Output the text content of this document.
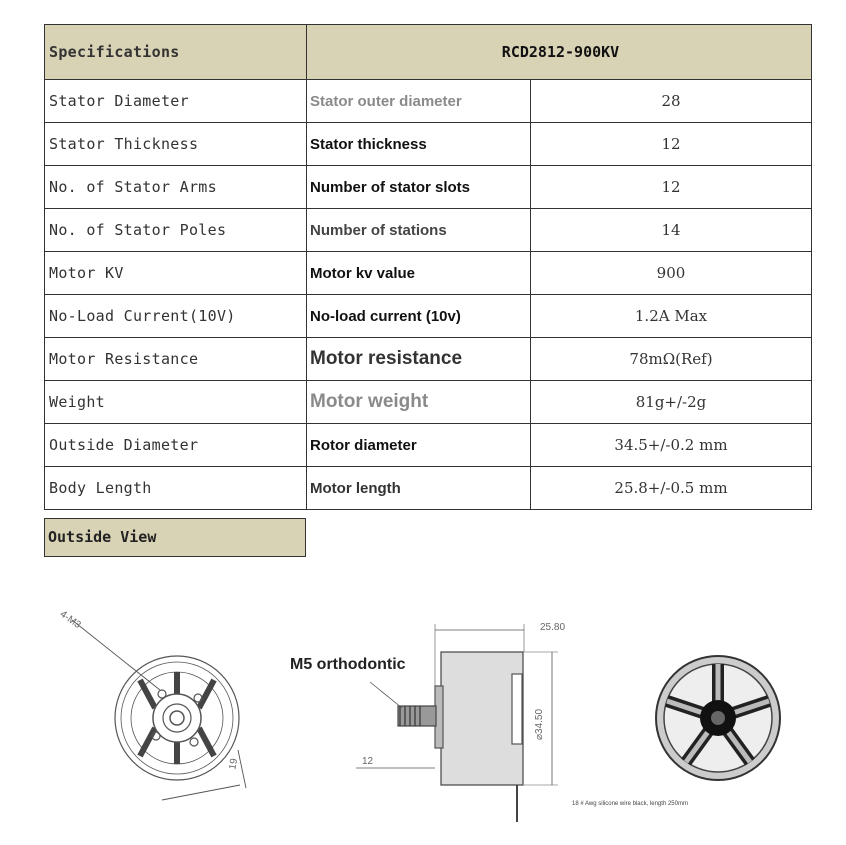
Specifications	RCD2812-900KV	
Stator Diameter	Stator outer diameter	28
Stator Thickness	Stator thickness	12
No. of Stator Arms	Number of stator slots	12
No. of Stator Poles	Number of stations	14
Motor KV	Motor kv value	900
No-Load Current(10V)	No-load current (10v)	1.2A Max
Motor Resistance	Motor resistance	78mΩ(Ref)
Weight	Motor weight	81g+/-2g
Outside Diameter	Rotor diameter	34.5+/-0.2 mm
Body Length	Motor length	25.8+/-0.5 mm
Outside View
4-M3
19
25.80
⌀34.50
12
M5 orthodontic
18 # Awg silicone wire black, length 250mm
